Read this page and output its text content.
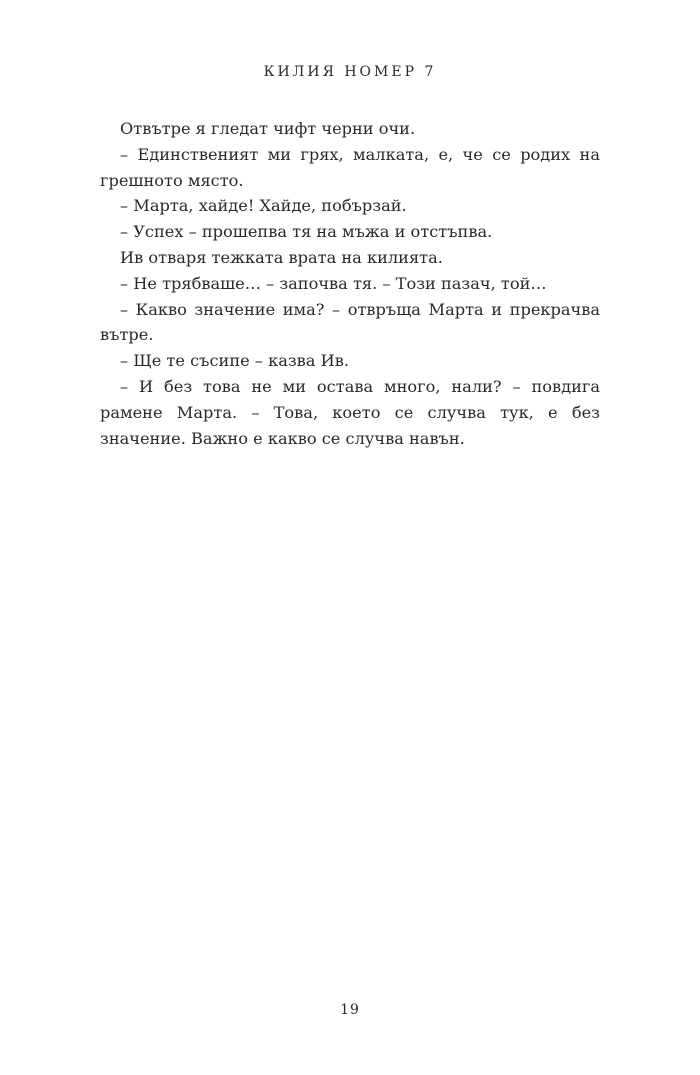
КИЛИЯ НОМЕР 7

Отвътре я гледат чифт черни очи.

– Единственият ми грях, малката, е, че се родих на грешното място.

– Марта, хайде! Хайде, побързай.

– Успех – прошепва тя на мъжа и отстъпва.

Ив отваря тежката врата на килията.

– Не трябваше… – започва тя. – Този пазач, той…

– Какво значение има? – отвръща Марта и прекрачва вътре.

– Ще те съсипе – казва Ив.

– И без това не ми остава много, нали? – повдига рамене Марта. – Това, което се случва тук, е без значение. Важно е какво се случва навън.

19
